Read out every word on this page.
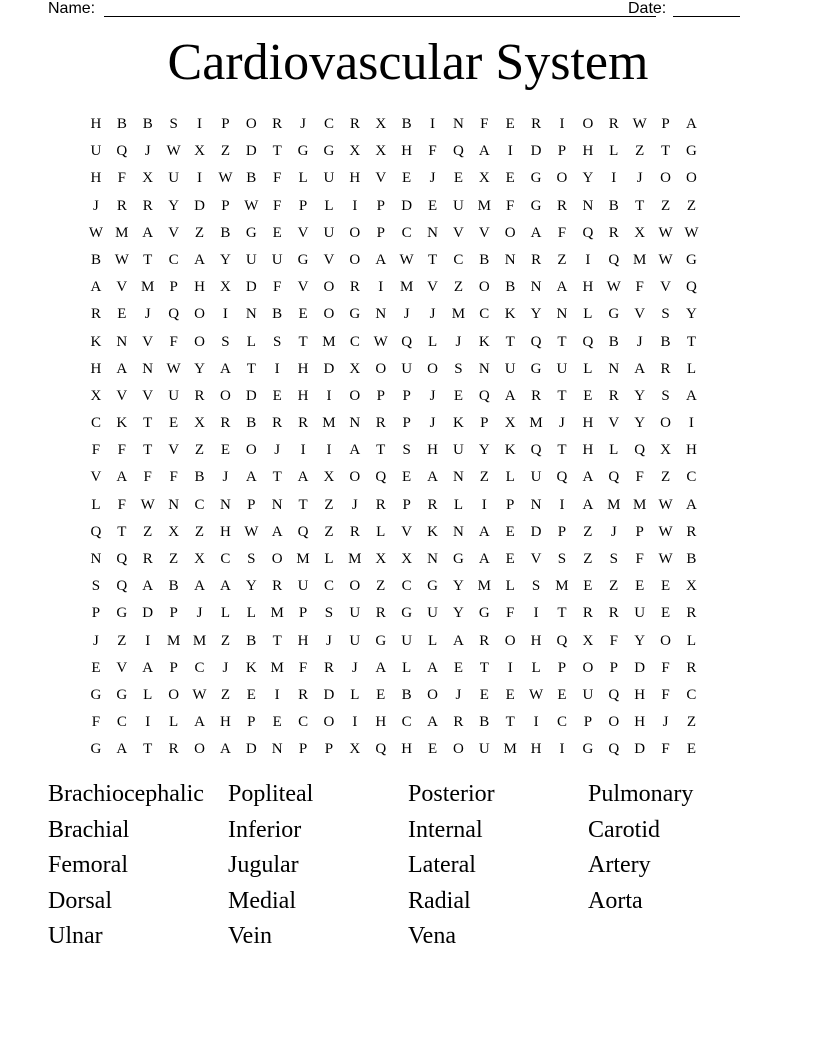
Name:	Date:
Cardiovascular System
H	B	B	S	I	P	O	R	J	C	R	X	B	I	N	F	E	R	I	O	R W P	A
U	Q	J	W X	Z	D	T	G	G	X	X	H	F	Q	A	I	D	P	H	L	Z	T	G
H	F	X	U	I	W B	F	L	U	H	V	E	J	E	X	E	G	O	Y	I	J	O	O
J	R	R	Y	D	P W F	P	L	I	P	D	E	U M	F	G	R	N	B	T	Z	Z
W M A	V	Z	B	G	E	V	U	O	P	C	N	V	V	O	A	F	Q	R	X W W
B W T	C	A	Y	U	U	G	V	O	A W T	C	B	N	R	Z	I	Q M W G
A	V M	P	H	X	D	F	V	O	R	I	M V	Z	O	B	N	A	H W F	V	Q
R	E	J	Q	O	I	N	B	E	O	G	N	J	J	M C	K	Y	N	L	G	V	S	Y
K	N	V	F	O	S	L	S	T M C W Q	L	J	K	T	Q	T	Q	B	J	B	T
H	A	N W Y	A	T	I	H	D	X	O	U	O	S	N	U	G	U	L	N	A	R	L
X	V	V	U	R	O	D	E	H	I	O	P	P	J	E	Q	A	R	T	E	R	Y	S	A
C	K	T	E	X	R	B	R	R M N	R	P	J	K	P	X M	J	H	V	Y	O	I
F	F	T	V	Z	E	O	J	I	I	A	T	S	H	U	Y	K	Q	T	H	L	Q	X	H
V	A	F	F	B	J	A	T	A	X	O	Q	E	A	N	Z	L	U	Q	A	Q	F	Z	C
L	F W N	C	N	P	N	T	Z	J	R	P	R	L	I	P	N	I	A M M W A
Q	T	Z	X	Z	H W A	Q	Z	R	L	V	K	N	A	E	D	P	Z	J	P W R
N	Q	R	Z	X	C	S	O M L M X	X	N	G	A	E	V	S	Z	S	F W B
S	Q	A	B	A	A	Y	R	U	C	O	Z	C	G	Y M L	S	M E	Z	E	E	X
P	G	D	P	J	L	L M	P	S	U	R	G	U	Y	G	F	I	T	R	R	U	E	R
J	Z	I	M M Z	B	T	H	J	U	G	U	L	A	R	O	H	Q	X	F	Y	O	L
E	V	A	P	C	J	K M	F	R	J	A	L	A	E	T	I	L	P	O	P	D	F	R
G	G	L	O W Z	E	I	R	D	L	E	B	O	J	E	E W E	U	Q	H	F	C
F	C	I	L	A	H	P	E	C	O	I	H	C	A	R	B	T	I	C	P	O	H	J	Z
G	A	T	R	O	A	D	N	P	P	X	Q	H	E	O	U M H	I	G	Q	D	F	E
Brachiocephalic	Popliteal	Posterior	Pulmonary
Brachial	Inferior	Internal	Carotid
Femoral	Jugular	Lateral	Artery
Dorsal	Medial	Radial	Aorta
Ulnar	Vein	Vena
